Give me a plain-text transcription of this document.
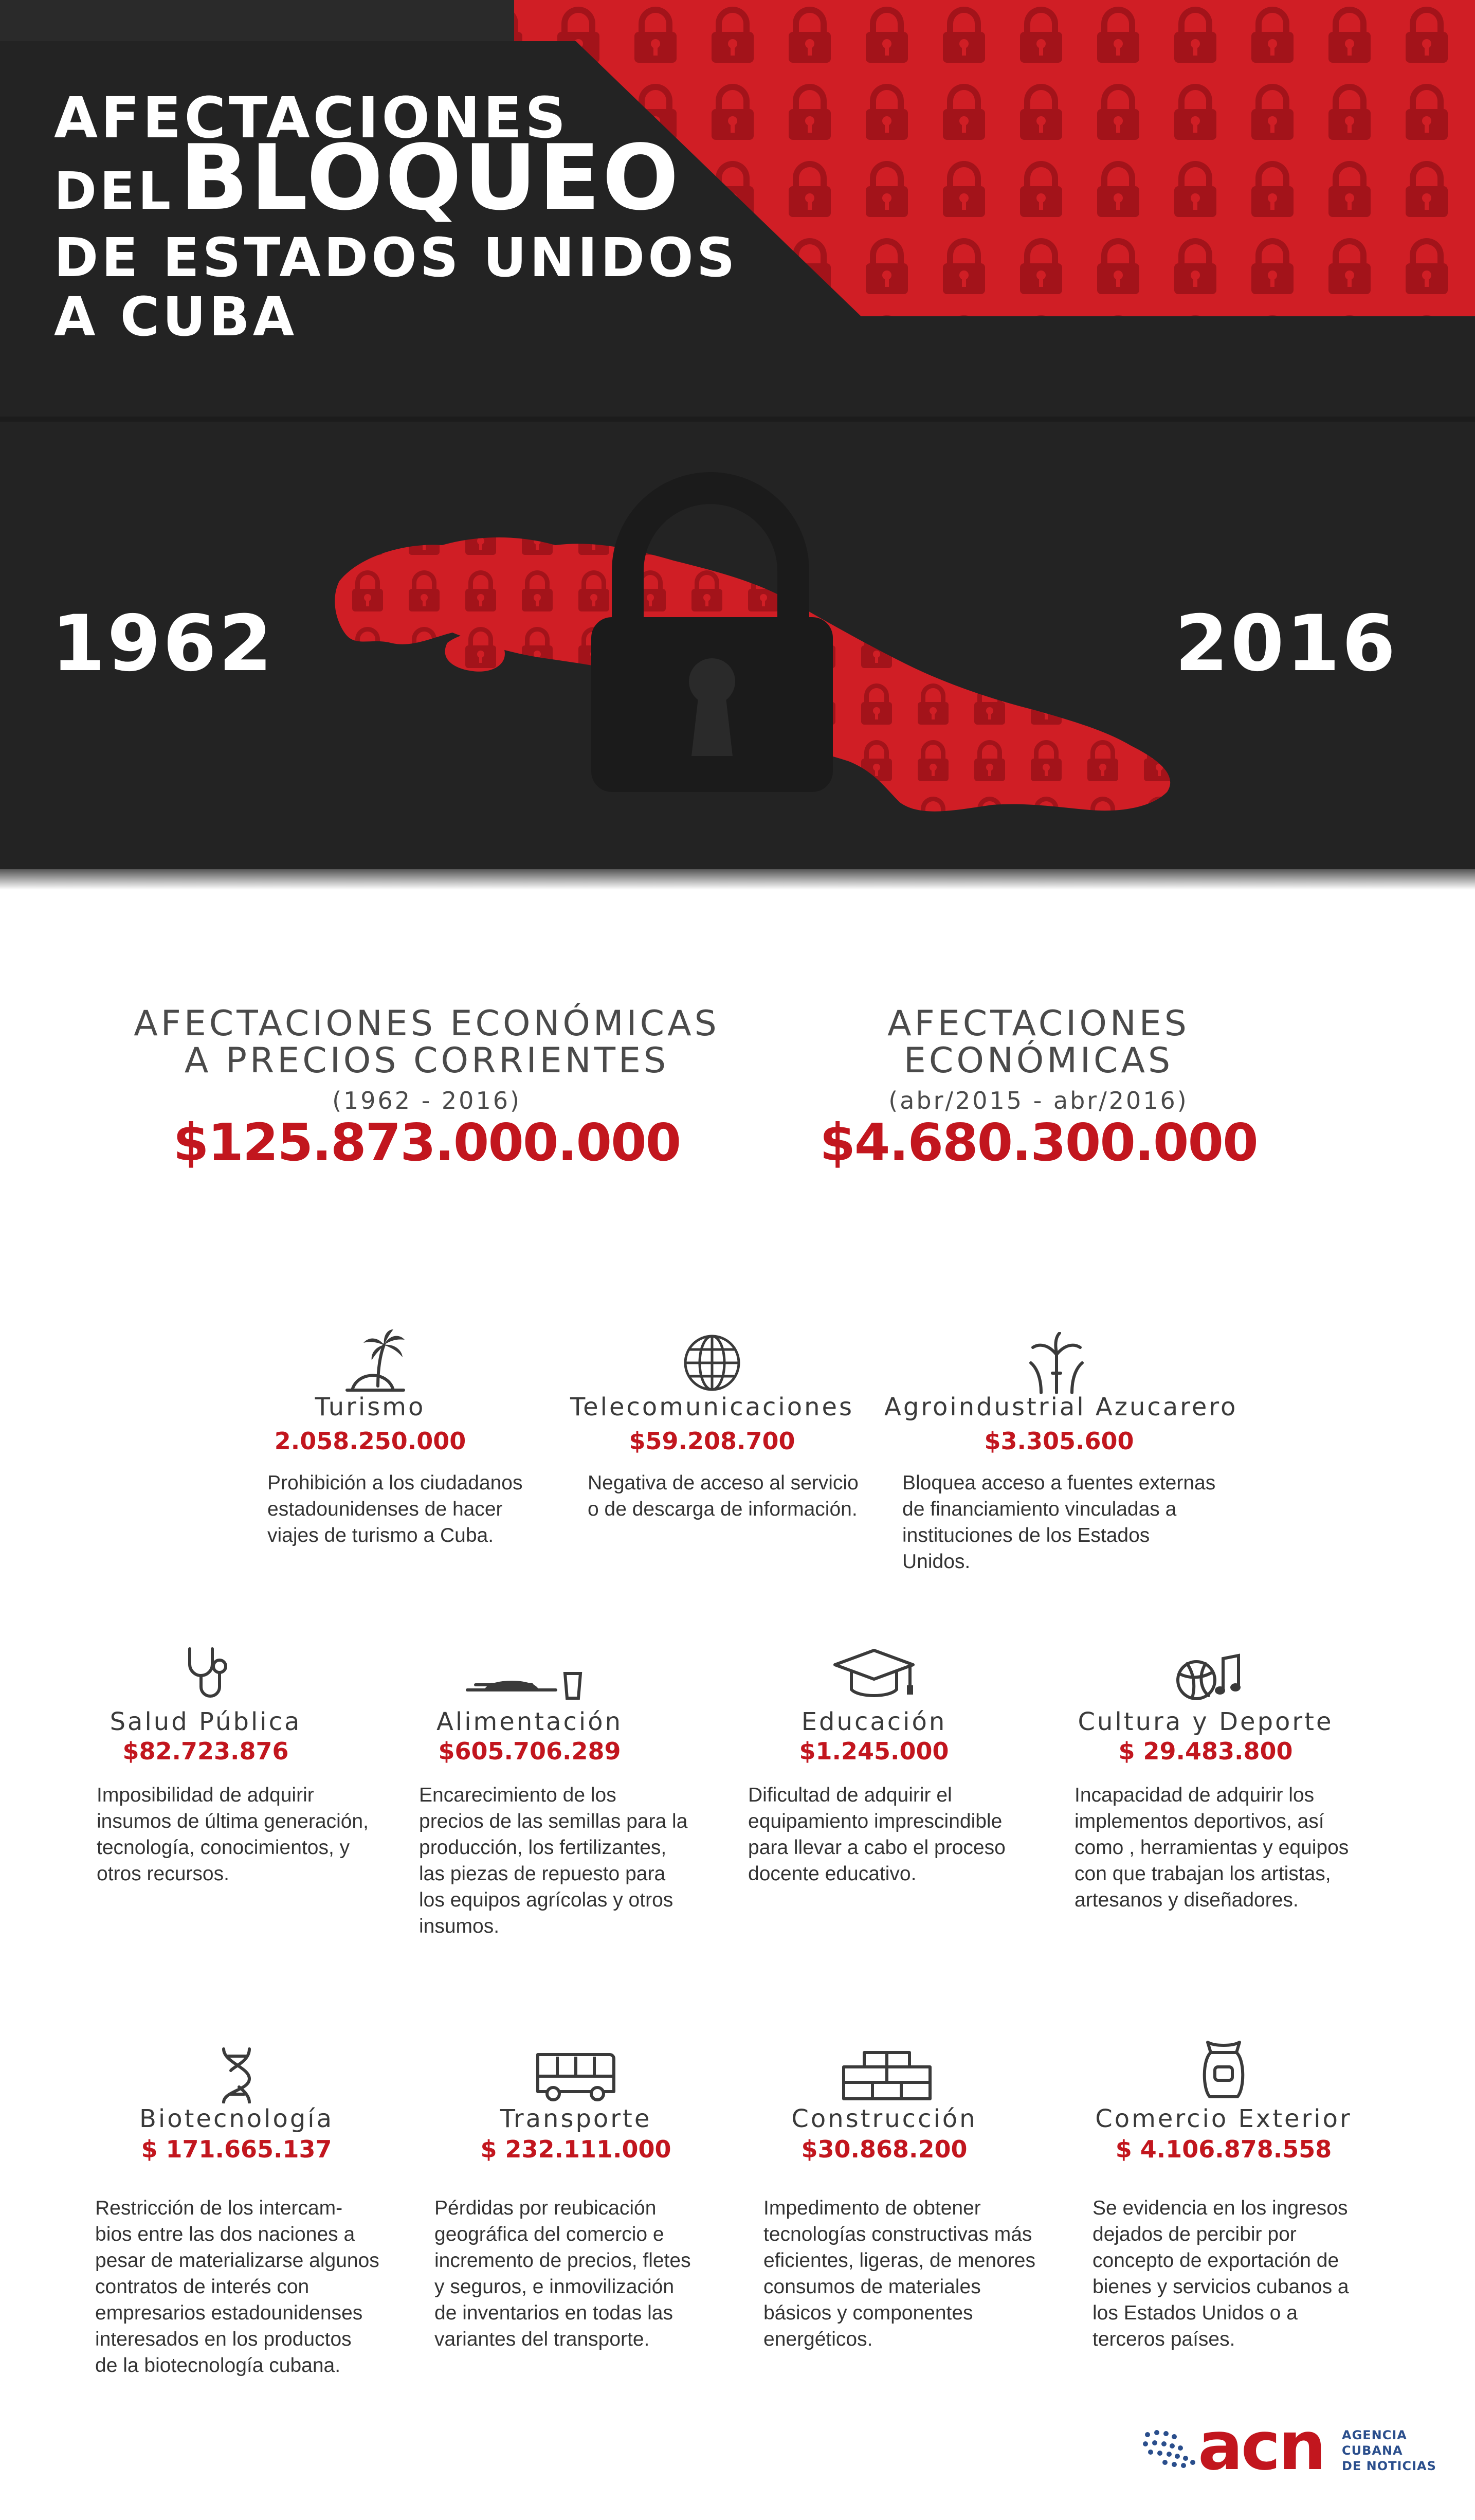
AFECTACIONES
DEL BLOQUEO
DE ESTADOS UNIDOS
A CUBA
1962	2016
AFECTACIONES ECONÓMICAS
A PRECIOS CORRIENTES
(1962 - 2016)
$125.873.000.000
AFECTACIONES
ECONÓMICAS
(abr/2015 - abr/2016)
$4.680.300.000
Turismo
2.058.250.000
Prohibición a los ciudadanos
estadounidenses de hacer
viajes de turismo a Cuba.
Telecomunicaciones
$59.208.700
Negativa de acceso al servicio
o de descarga de información.
Agroindustrial Azucarero
$3.305.600
Bloquea acceso a fuentes externas
de financiamiento vinculadas a
instituciones de los Estados
Unidos.
Salud Pública
$82.723.876
Imposibilidad de adquirir
insumos de última generación,
tecnología, conocimientos, y
otros recursos.
Alimentación
$605.706.289
Encarecimiento de los
precios de las semillas para la
producción, los fertilizantes,
las piezas de repuesto para
los equipos agrícolas y otros
insumos.
Educación
$1.245.000
Dificultad de adquirir el
equipamiento imprescindible
para llevar a cabo el proceso
docente educativo.
Cultura y Deporte
$ 29.483.800
Incapacidad de adquirir los
implementos deportivos, así
como , herramientas y equipos
con que trabajan los artistas,
artesanos y diseñadores.
Biotecnología
$ 171.665.137
Restricción de los intercam-
bios entre las dos naciones a
pesar de materializarse algunos
contratos de interés con
empresarios estadounidenses
interesados en los productos
de la biotecnología cubana.
Transporte
$ 232.111.000
Pérdidas por reubicación
geográfica del comercio e
incremento de precios, fletes
y seguros, e inmovilización
de inventarios en todas las
variantes del transporte.
Construcción
$30.868.200
Impedimento de obtener
tecnologías constructivas más
eficientes, ligeras, de menores
consumos de materiales
básicos y componentes
energéticos.
Comercio Exterior
$ 4.106.878.558
Se evidencia en los ingresos
dejados de percibir por
concepto de exportación de
bienes y servicios cubanos a
los Estados Unidos o a
terceros países.
acn AGENCIA
CUBANA
DE NOTICIAS
